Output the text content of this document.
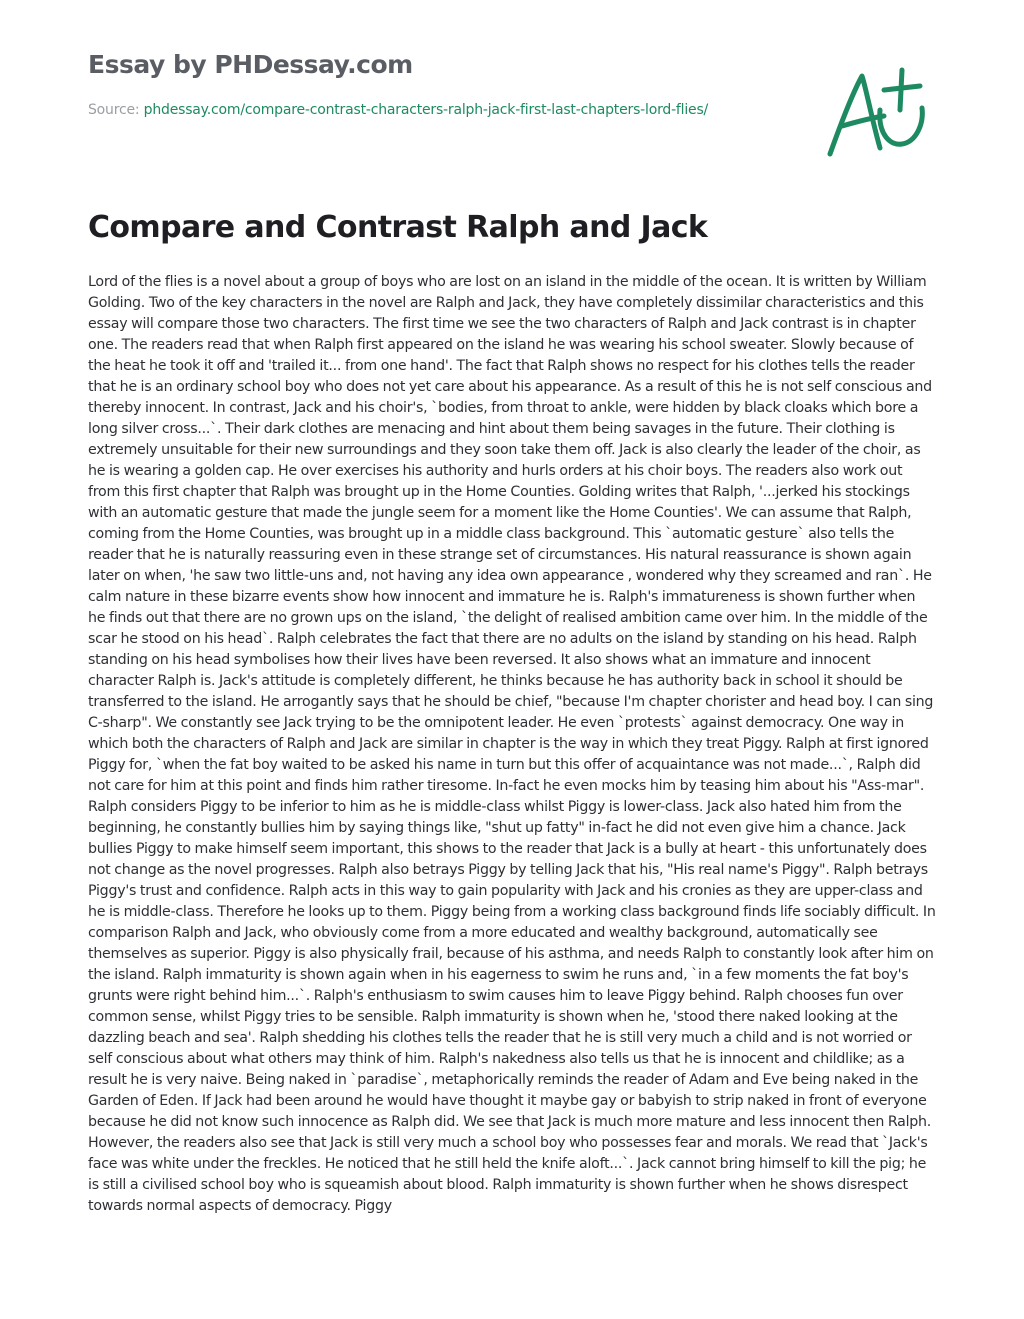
Essay by PHDessay.com
Source: phdessay.com/compare-contrast-characters-ralph-jack-first-last-chapters-lord-flies/
Compare and Contrast Ralph and Jack

Lord of the flies is a novel about a group of boys who are lost on an island in the middle of the ocean. It is written by William Golding. Two of the key characters in the novel are Ralph and Jack, they have completely dissimilar characteristics and this essay will compare those two characters. The first time we see the two characters of Ralph and Jack contrast is in chapter one. The readers read that when Ralph first appeared on the island he was wearing his school sweater. Slowly because of the heat he took it off and 'trailed it... from one hand'. The fact that Ralph shows no respect for his clothes tells the reader that he is an ordinary school boy who does not yet care about his appearance. As a result of this he is not self conscious and thereby innocent. In contrast, Jack and his choir's, `bodies, from throat to ankle, were hidden by black cloaks which bore a long silver cross...`. Their dark clothes are menacing and hint about them being savages in the future. Their clothing is extremely unsuitable for their new surroundings and they soon take them off. Jack is also clearly the leader of the choir, as he is wearing a golden cap. He over exercises his authority and hurls orders at his choir boys. The readers also work out from this first chapter that Ralph was brought up in the Home Counties. Golding writes that Ralph, '...jerked his stockings with an automatic gesture that made the jungle seem for a moment like the Home Counties'. We can assume that Ralph, coming from the Home Counties, was brought up in a middle class background. This `automatic gesture` also tells the reader that he is naturally reassuring even in these strange set of circumstances. His natural reassurance is shown again later on when, 'he saw two little-uns and, not having any idea own appearance , wondered why they screamed and ran`. He calm nature in these bizarre events show how innocent and immature he is. Ralph's immatureness is shown further when he finds out that there are no grown ups on the island, `the delight of realised ambition came over him. In the middle of the scar he stood on his head`. Ralph celebrates the fact that there are no adults on the island by standing on his head. Ralph standing on his head symbolises how their lives have been reversed. It also shows what an immature and innocent character Ralph is. Jack's attitude is completely different, he thinks because he has authority back in school it should be transferred to the island. He arrogantly says that he should be chief, "because I'm chapter chorister and head boy. I can sing C-sharp". We constantly see Jack trying to be the omnipotent leader. He even `protests` against democracy. One way in which both the characters of Ralph and Jack are similar in chapter is the way in which they treat Piggy. Ralph at first ignored Piggy for, `when the fat boy waited to be asked his name in turn but this offer of acquaintance was not made...`, Ralph did not care for him at this point and finds him rather tiresome. In-fact he even mocks him by teasing him about his "Ass-mar". Ralph considers Piggy to be inferior to him as he is middle-class whilst Piggy is lower-class. Jack also hated him from the beginning, he constantly bullies him by saying things like, "shut up fatty" in-fact he did not even give him a chance. Jack bullies Piggy to make himself seem important, this shows to the reader that Jack is a bully at heart - this unfortunately does not change as the novel progresses. Ralph also betrays Piggy by telling Jack that his, "His real name's Piggy". Ralph betrays Piggy's trust and confidence. Ralph acts in this way to gain popularity with Jack and his cronies as they are upper-class and he is middle-class. Therefore he looks up to them. Piggy being from a working class background finds life sociably difficult. In comparison Ralph and Jack, who obviously come from a more educated and wealthy background, automatically see themselves as superior. Piggy is also physically frail, because of his asthma, and needs Ralph to constantly look after him on the island. Ralph immaturity is shown again when in his eagerness to swim he runs and, `in a few moments the fat boy's grunts were right behind him...`. Ralph's enthusiasm to swim causes him to leave Piggy behind. Ralph chooses fun over common sense, whilst Piggy tries to be sensible. Ralph immaturity is shown when he, 'stood there naked looking at the dazzling beach and sea'. Ralph shedding his clothes tells the reader that he is still very much a child and is not worried or self conscious about what others may think of him. Ralph's nakedness also tells us that he is innocent and childlike; as a result he is very naive. Being naked in `paradise`, metaphorically reminds the reader of Adam and Eve being naked in the Garden of Eden. If Jack had been around he would have thought it maybe gay or babyish to strip naked in front of everyone because he did not know such innocence as Ralph did. We see that Jack is much more mature and less innocent then Ralph. However, the readers also see that Jack is still very much a school boy who possesses fear and morals. We read that `Jack's face was white under the freckles. He noticed that he still held the knife aloft...`. Jack cannot bring himself to kill the pig; he is still a civilised school boy who is squeamish about blood. Ralph immaturity is shown further when he shows disrespect towards normal aspects of democracy. Piggy
